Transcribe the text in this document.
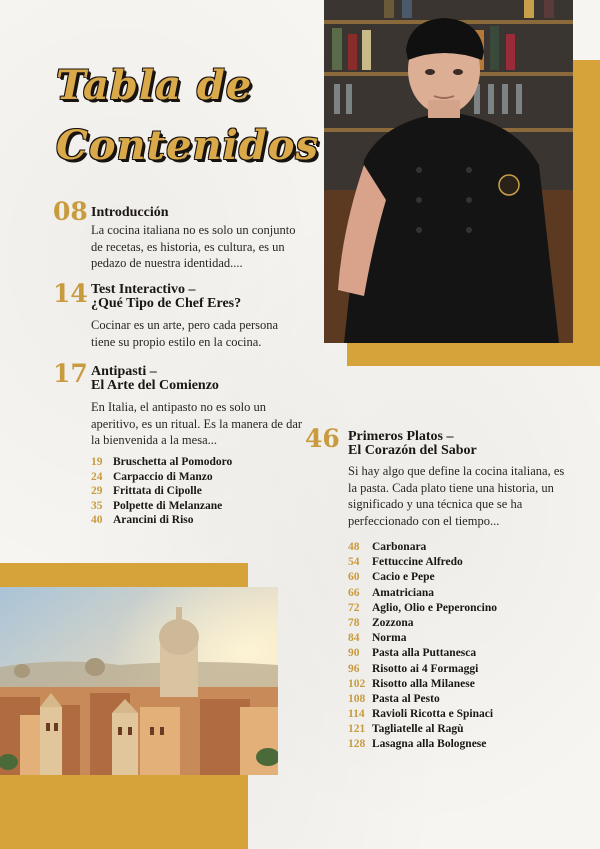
Tabla de
Contenidos
08 Introducción
La cocina italiana no es solo un conjunto
de recetas, es historia, es cultura, es un
pedazo de nuestra identidad....
14 Test Interactivo –
¿Qué Tipo de Chef Eres?
Cocinar es un arte, pero cada persona
tiene su propio estilo en la cocina.
17 Antipasti –
El Arte del Comienzo
En Italia, el antipasto no es solo un
aperitivo, es un ritual. Es la manera de dar
la bienvenida a la mesa...
19 Bruschetta al Pomodoro
24 Carpaccio di Manzo
29 Frittata di Cipolle
35 Polpette di Melanzane
40 Arancini di Riso
46 Primeros Platos –
El Corazón del Sabor
Si hay algo que define la cocina italiana, es
la pasta. Cada plato tiene una historia, un
significado y una técnica que se ha
perfeccionado con el tiempo...
48 Carbonara
54 Fettuccine Alfredo
60 Cacio e Pepe
66 Amatriciana
72 Aglio, Olio e Peperoncino
78 Zozzona
84 Norma
90 Pasta alla Puttanesca
96 Risotto ai 4 Formaggi
102 Risotto alla Milanese
108 Pasta al Pesto
114 Ravioli Ricotta e Spinaci
121 Tagliatelle al Ragù
128 Lasagna alla Bolognese
